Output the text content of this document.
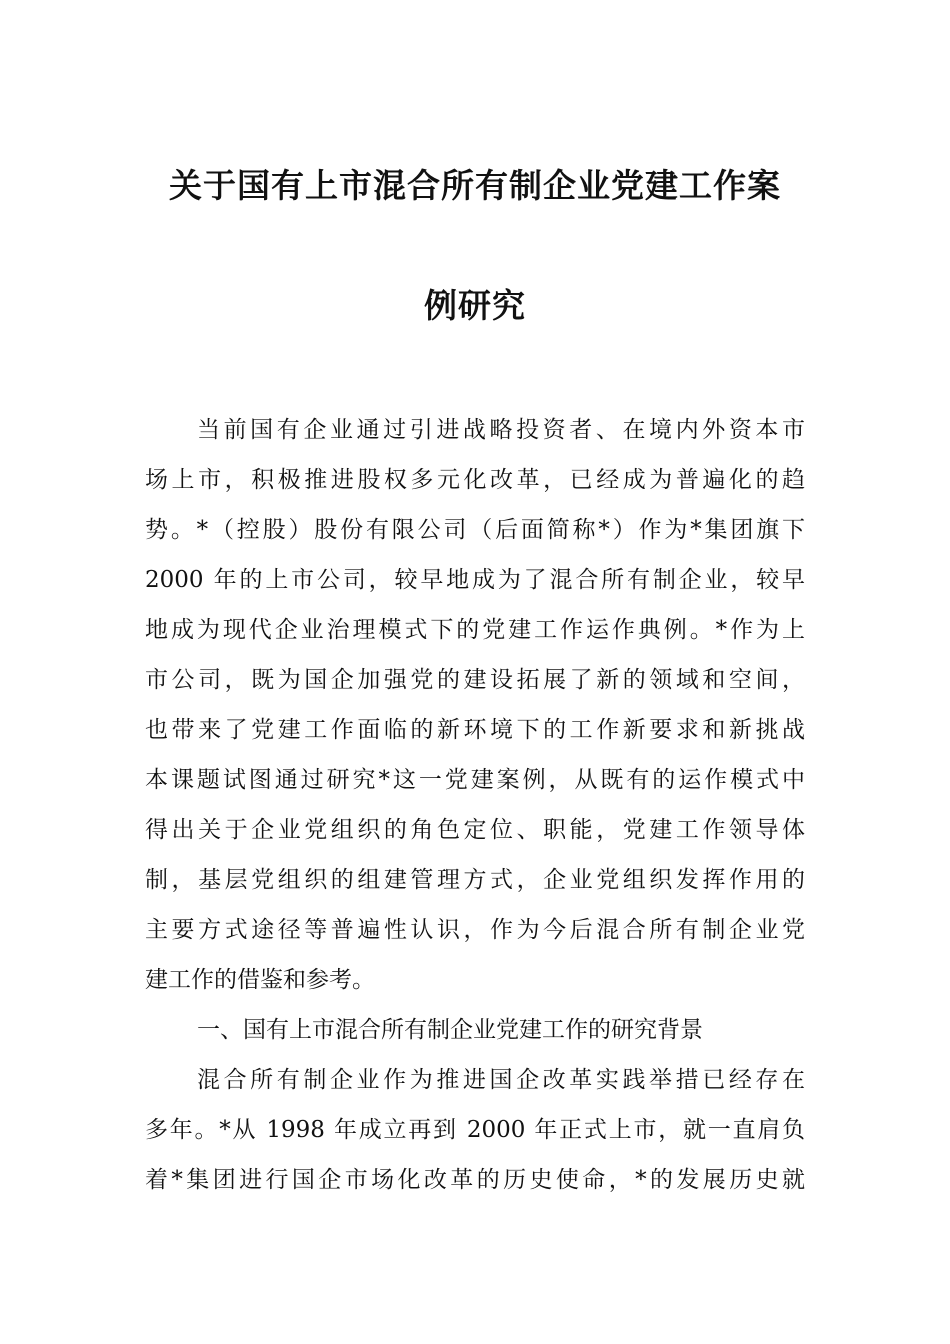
关于国有上市混合所有制企业党建工作案
例研究
当前国有企业通过引进战略投资者、在境内外资本市
场上市，积极推进股权多元化改革，已经成为普遍化的趋
势。*（控股）股份有限公司（后面简称*）作为*集团旗下
2000 年的上市公司，较早地成为了混合所有制企业，较早
地成为现代企业治理模式下的党建工作运作典例。*作为上
市公司，既为国企加强党的建设拓展了新的领域和空间，
也带来了党建工作面临的新环境下的工作新要求和新挑战
本课题试图通过研究*这一党建案例，从既有的运作模式中
得出关于企业党组织的角色定位、职能，党建工作领导体
制，基层党组织的组建管理方式，企业党组织发挥作用的
主要方式途径等普遍性认识，作为今后混合所有制企业党
建工作的借鉴和参考。
一、国有上市混合所有制企业党建工作的研究背景
混合所有制企业作为推进国企改革实践举措已经存在
多年。*从 1998 年成立再到 2000 年正式上市，就一直肩负
着*集团进行国企市场化改革的历史使命，*的发展历史就
